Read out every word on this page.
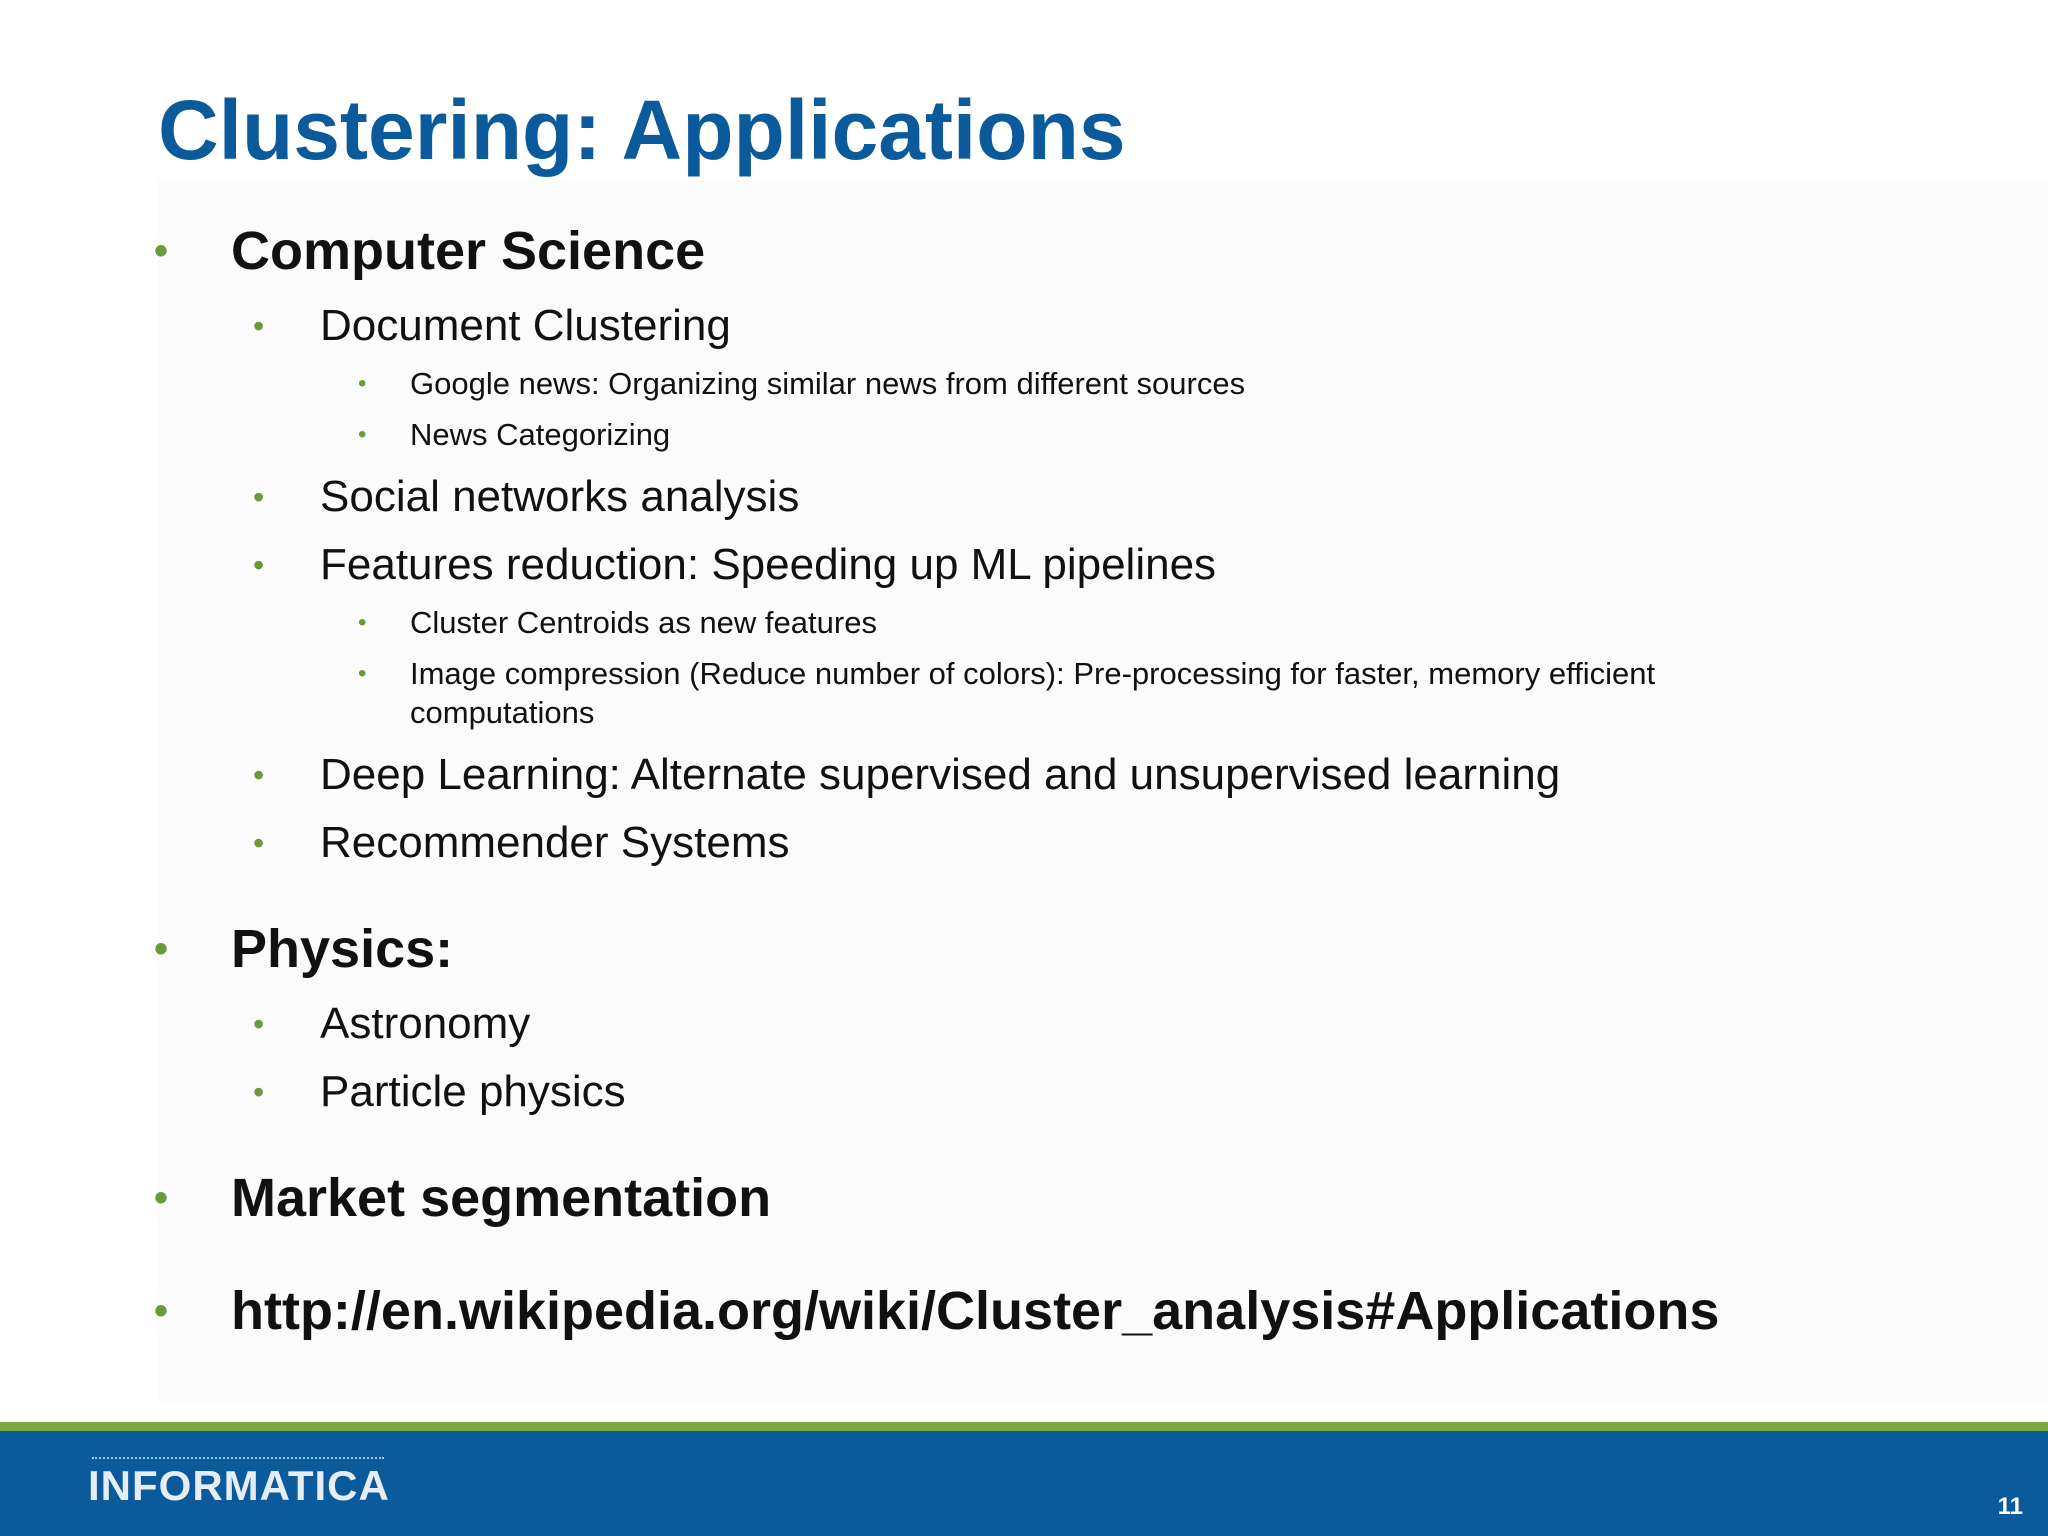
Clustering: Applications
• Computer Science
• Document Clustering
• Google news: Organizing similar news from different sources
• News Categorizing
• Social networks analysis
• Features reduction: Speeding up ML pipelines
• Cluster Centroids as new features
• Image compression (Reduce number of colors): Pre-processing for faster, memory efficient computations
• Deep Learning: Alternate supervised and unsupervised learning
• Recommender Systems
• Physics:
• Astronomy
• Particle physics
• Market segmentation
• http://en.wikipedia.org/wiki/Cluster_analysis#Applications
INFORMATICA	11
